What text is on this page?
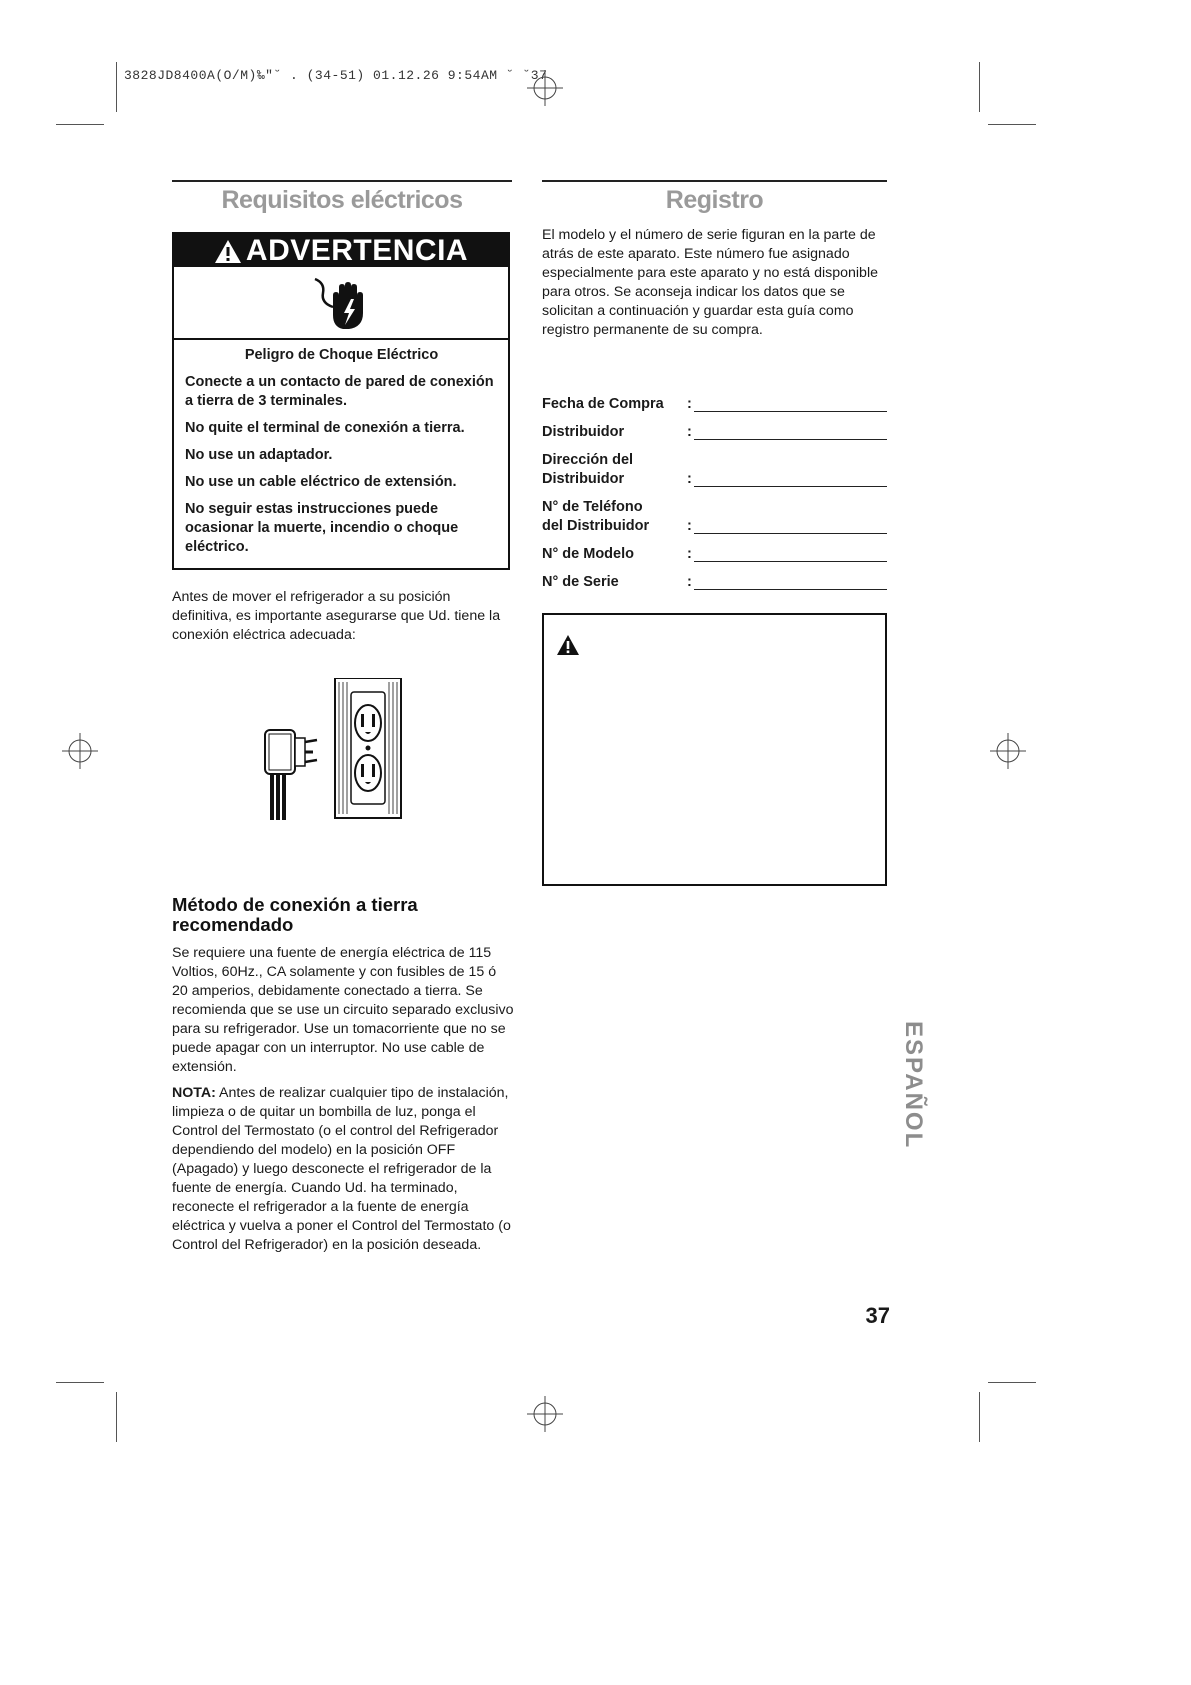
3828JD8400A(O/M)‰"˘ . (34-51) 01.12.26 9:54AM ˘ ˘37
Requisitos eléctricos
ADVERTENCIA
Peligro de Choque Eléctrico

Conecte a un contacto de pared de conexión a tierra de 3 terminales.

No quite el terminal de conexión a tierra.

No use un adaptador.

No use un cable eléctrico de extensión.

No seguir estas instrucciones puede ocasionar la muerte, incendio o choque eléctrico.

Antes de mover el refrigerador a su posición definitiva, es importante asegurarse que Ud. tiene la conexión eléctrica adecuada:
Método de conexión a tierra recomendado

Se requiere una fuente de energía eléctrica de 115 Voltios, 60Hz., CA solamente y con fusibles de 15 ó 20 amperios, debidamente conectado a tierra. Se recomienda que se use un circuito separado exclusivo para su refrigerador. Use un tomacorriente que no se puede apagar con un interruptor. No use cable de extensión.

NOTA: Antes de realizar cualquier tipo de instalación, limpieza o de quitar un bombilla de luz, ponga el Control del Termostato (o el control del Refrigerador dependiendo del modelo) en la posición OFF (Apagado) y luego desconecte el refrigerador de la fuente de energía. Cuando Ud. ha terminado, reconecte el refrigerador a la fuente de energía eléctrica y vuelva a poner el Control del Termostato (o Control del Refrigerador) en la posición deseada.

Registro
El modelo y el número de serie figuran en la parte de atrás de este aparato. Este número fue asignado especialmente para este aparato y no está disponible para otros. Se aconseja indicar los datos que se solicitan a continuación y guardar esta guía como registro permanente de su compra.
Fecha de Compra :
Distribuidor	:
Dirección del
Distribuidor	:
N° de Teléfono
del Distribuidor	:
N° de Modelo	:
N° de Serie	:
ESPAÑOL
37
